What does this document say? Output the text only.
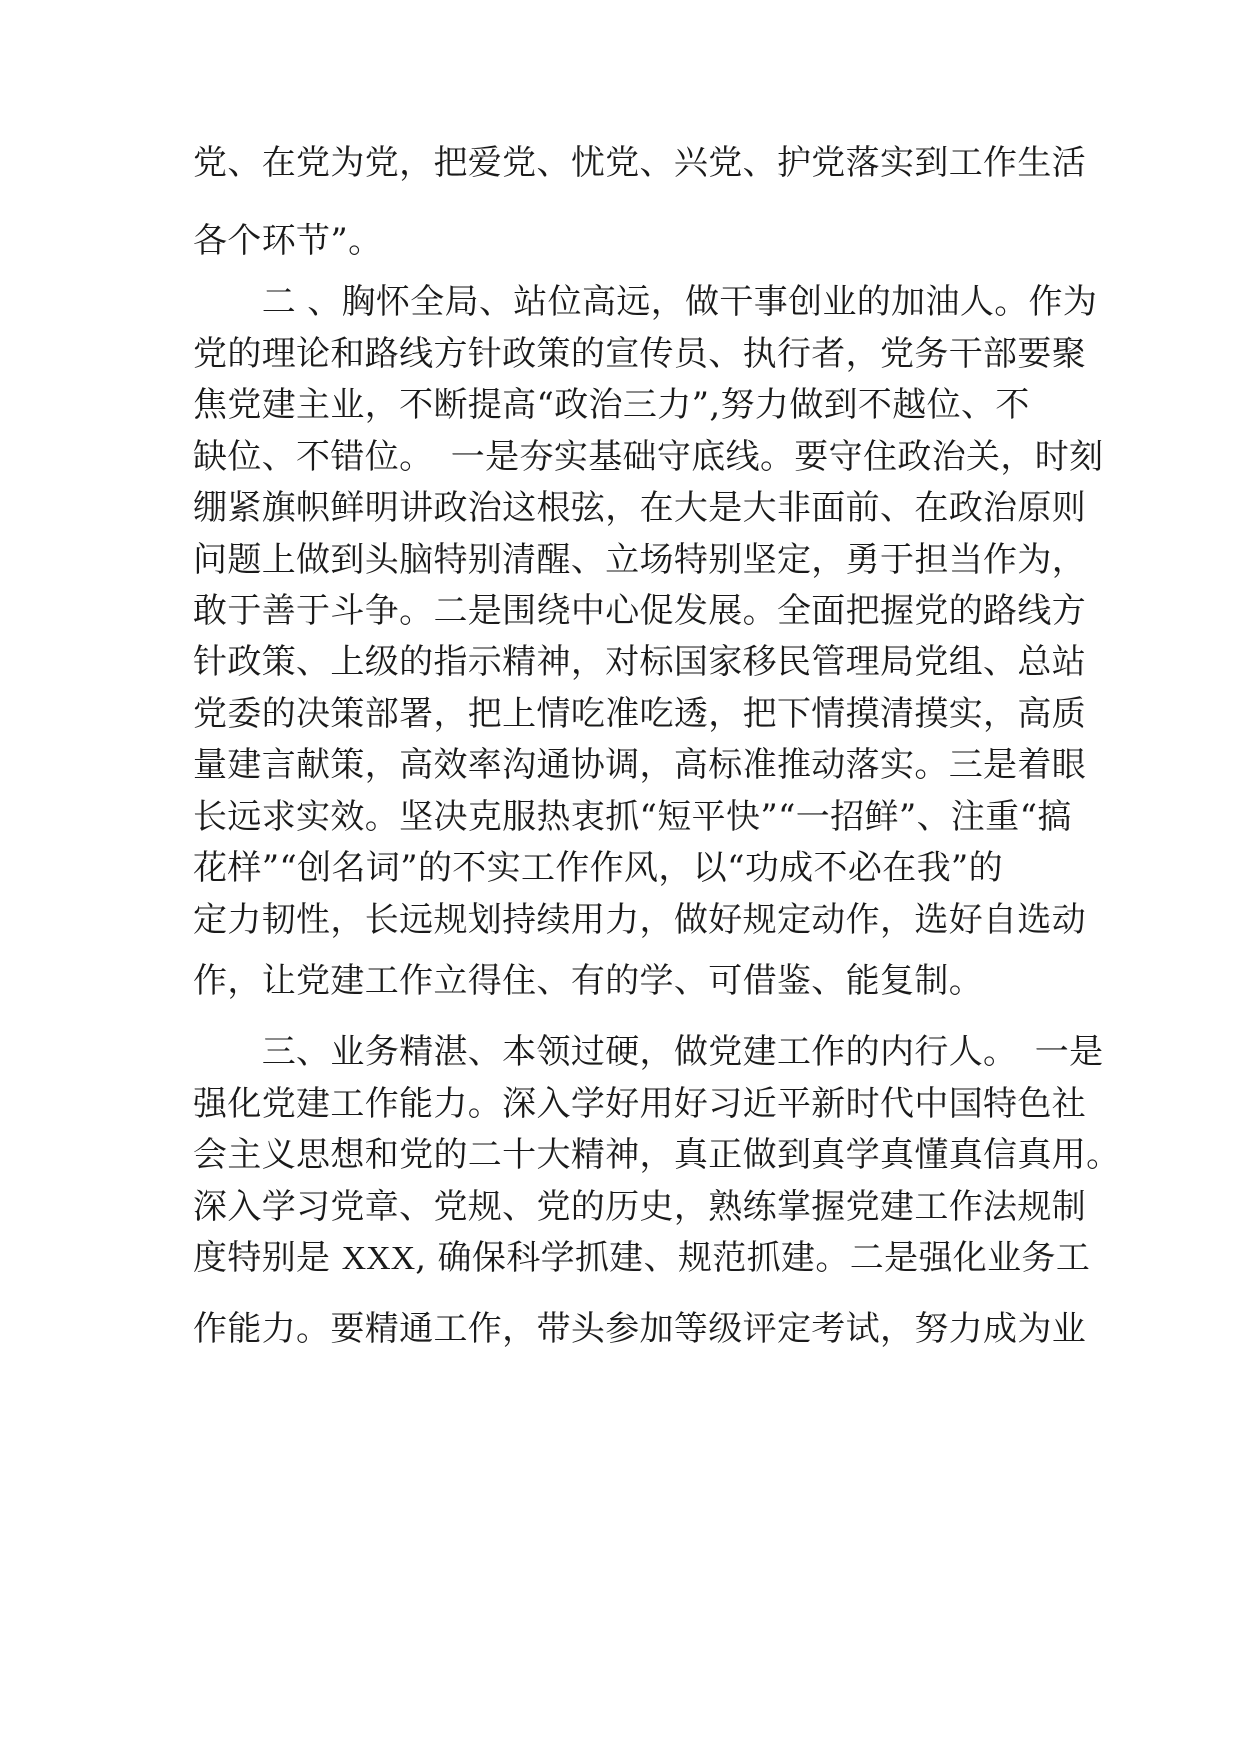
党、在党为党，把爱党、忧党、兴党、护党落实到工作生活
各个环节”。
　　二 、胸怀全局、站位高远，做干事创业的加油人。作为
党的理论和路线方针政策的宣传员、执行者，党务干部要聚
焦党建主业，不断提高“政治三力”,努力做到不越位、不
缺位、不错位。　一是夯实基础守底线。要守住政治关，时刻
绷紧旗帜鲜明讲政治这根弦，在大是大非面前、在政治原则
问题上做到头脑特别清醒、立场特别坚定，勇于担当作为，
敢于善于斗争。二是围绕中心促发展。全面把握党的路线方
针政策、上级的指示精神，对标国家移民管理局党组、总站
党委的决策部署，把上情吃准吃透，把下情摸清摸实，高质
量建言献策，高效率沟通协调，高标准推动落实。三是着眼
长远求实效。坚决克服热衷抓“短平快”“一招鲜”、注重“搞
花样”“创名词”的不实工作作风，以“功成不必在我”的
定力韧性，长远规划持续用力，做好规定动作，选好自选动
作，让党建工作立得住、有的学、可借鉴、能复制。
　　三、业务精湛、本领过硬，做党建工作的内行人。　一是
强化党建工作能力。深入学好用好习近平新时代中国特色社
会主义思想和党的二十大精神，真正做到真学真懂真信真用。
深入学习党章、党规、党的历史，熟练掌握党建工作法规制
度特别是 XXX, 确保科学抓建、规范抓建。二是强化业务工
作能力。要精通工作，带头参加等级评定考试，努力成为业
